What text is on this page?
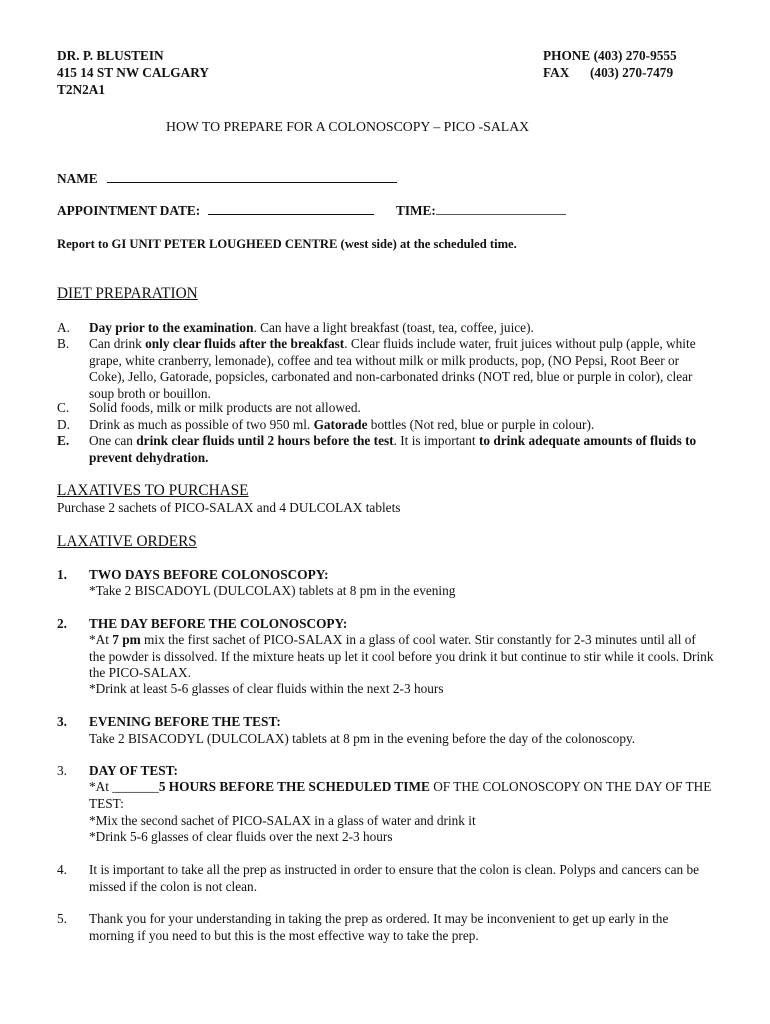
DR. P. BLUSTEIN
415 14 ST NW CALGARY
T2N2A1
PHONE (403) 270-9555
FAX (403) 270-7479
HOW TO PREPARE FOR A COLONOSCOPY – PICO -SALAX
NAME
APPOINTMENT DATE:	TIME:
Report to GI UNIT PETER LOUGHEED CENTRE (west side) at the scheduled time.
DIET PREPARATION
A. Day prior to the examination. Can have a light breakfast (toast, tea, coffee, juice).
B. Can drink only clear fluids after the breakfast. Clear fluids include water, fruit juices without pulp (apple, white grape, white cranberry, lemonade), coffee and tea without milk or milk products, pop, (NO Pepsi, Root Beer or Coke), Jello, Gatorade, popsicles, carbonated and non-carbonated drinks (NOT red, blue or purple in color), clear soup broth or bouillon.
C. Solid foods, milk or milk products are not allowed.
D. Drink as much as possible of two 950 ml. Gatorade bottles (Not red, blue or purple in colour).
E. One can drink clear fluids until 2 hours before the test. It is important to drink adequate amounts of fluids to prevent dehydration.
LAXATIVES TO PURCHASE
Purchase 2 sachets of PICO-SALAX and 4 DULCOLAX tablets
LAXATIVE ORDERS
1. TWO DAYS BEFORE COLONOSCOPY:
*Take 2 BISCADOYL (DULCOLAX) tablets at 8 pm in the evening
2. THE DAY BEFORE THE COLONOSCOPY:
*At 7 pm mix the first sachet of PICO-SALAX in a glass of cool water. Stir constantly for 2-3 minutes until all of the powder is dissolved. If the mixture heats up let it cool before you drink it but continue to stir while it cools. Drink the PICO-SALAX.
*Drink at least 5-6 glasses of clear fluids within the next 2-3 hours
3. EVENING BEFORE THE TEST:
Take 2 BISACODYL (DULCOLAX) tablets at 8 pm in the evening before the day of the colonoscopy.
3. DAY OF TEST:
*At _______5 HOURS BEFORE THE SCHEDULED TIME OF THE COLONOSCOPY ON THE DAY OF THE TEST:
*Mix the second sachet of PICO-SALAX in a glass of water and drink it
*Drink 5-6 glasses of clear fluids over the next 2-3 hours
4. It is important to take all the prep as instructed in order to ensure that the colon is clean. Polyps and cancers can be missed if the colon is not clean.
5. Thank you for your understanding in taking the prep as ordered. It may be inconvenient to get up early in the morning if you need to but this is the most effective way to take the prep.
